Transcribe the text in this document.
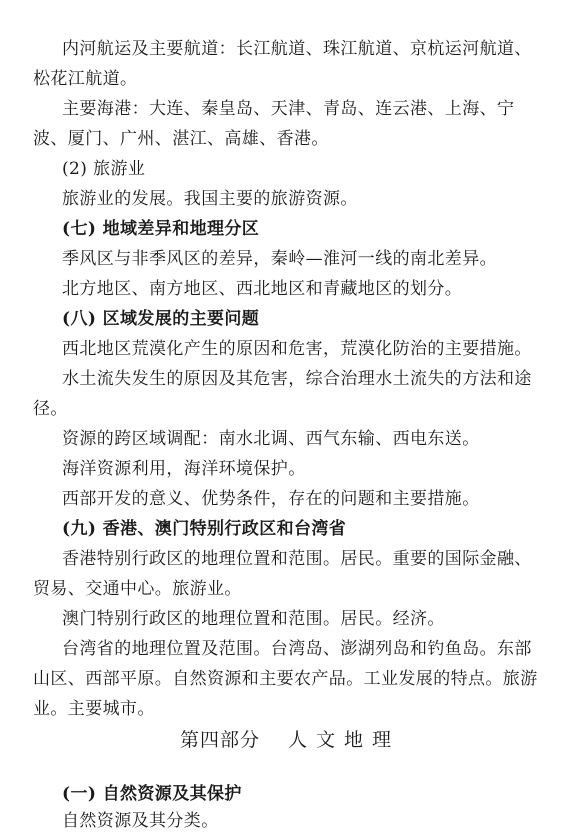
内河航运及主要航道：长江航道、珠江航道、京杭运河航道、

松花江航道。

主要海港：大连、秦皇岛、天津、青岛、连云港、上海、宁

波、厦门、广州、湛江、高雄、香港。

(2) 旅游业

旅游业的发展。我国主要的旅游资源。

(七) 地域差异和地理分区

季风区与非季风区的差异，秦岭—淮河一线的南北差异。

北方地区、南方地区、西北地区和青藏地区的划分。

(八) 区域发展的主要问题

西北地区荒漠化产生的原因和危害，荒漠化防治的主要措施。

水土流失发生的原因及其危害，综合治理水土流失的方法和途

径。

资源的跨区域调配：南水北调、西气东输、西电东送。

海洋资源利用，海洋环境保护。

西部开发的意义、优势条件，存在的问题和主要措施。

(九) 香港、澳门特别行政区和台湾省

香港特别行政区的地理位置和范围。居民。重要的国际金融、

贸易、交通中心。旅游业。

澳门特别行政区的地理位置和范围。居民。经济。

台湾省的地理位置及范围。台湾岛、澎湖列岛和钓鱼岛。东部

山区、西部平原。自然资源和主要农产品。工业发展的特点。旅游

业。主要城市。

第四部分 人文地理

(一) 自然资源及其保护

自然资源及其分类。
